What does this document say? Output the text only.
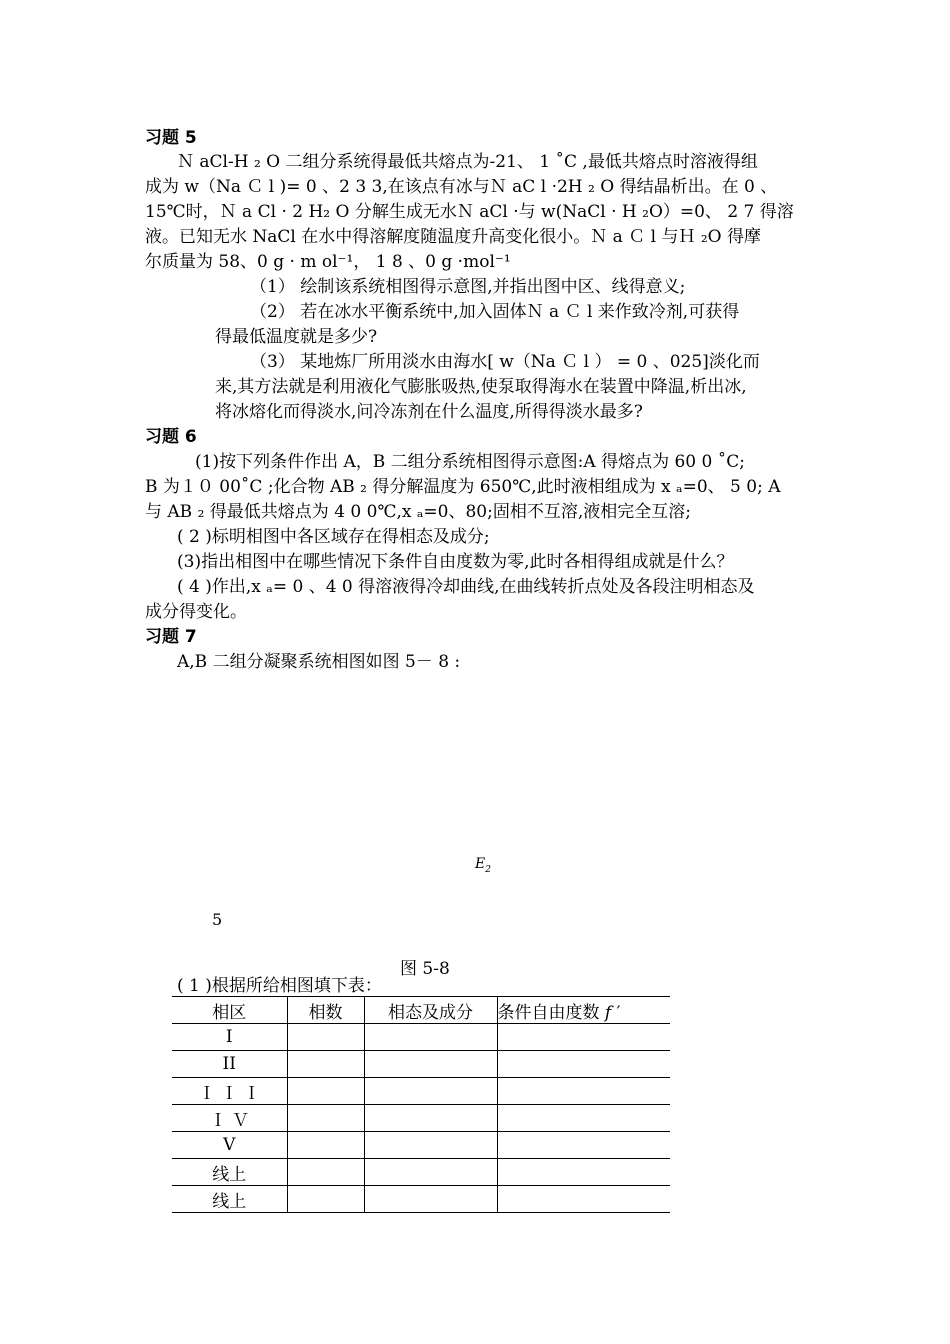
习题 5
Ｎ aCl-H ₂ O 二组分系统得最低共熔点为-21、 1 ˚C ,最低共熔点时溶液得组
成为 w（Na Ｃ l )= 0 、2 3 3,在该点有冰与Ｎ aC l ·2H ₂ O 得结晶析出。在 0 、
15℃时，Ｎ a Cl · 2 H₂ O 分解生成无水Ｎ aCl ·与 w(NaCl · H ₂O）=0、 2 7 得溶
液。已知无水 NaCl 在水中得溶解度随温度升高变化很小。Ｎ a Ｃ l 与Ｈ ₂O 得摩
尔质量为 58、0 g · m ol⁻¹， 1 8 、0 g ·mol⁻¹
（1） 绘制该系统相图得示意图,并指出图中区、线得意义;
（2） 若在冰水平衡系统中,加入固体Ｎ a Ｃ l 来作致冷剂,可获得
得最低温度就是多少?
（3） 某地炼厂所用淡水由海水[ w（Na Ｃ l ） = 0 、025]淡化而
来,其方法就是利用液化气膨胀吸热,使泵取得海水在装置中降温,析出冰,
将冰熔化而得淡水,问冷冻剂在什么温度,所得得淡水最多?
习题 6
(1)按下列条件作出 A，B 二组分系统相图得示意图:A 得熔点为 60 0 ˚C;
B 为１０ 00˚C ;化合物 AB ₂ 得分解温度为 650℃,此时液相组成为 x ₐ=0、 5 0; A
与 AB ₂ 得最低共熔点为 4 0 0℃,x ₐ=0、80;固相不互溶,液相完全互溶;
( 2 )标明相图中各区域存在得相态及成分;
(3)指出相图中在哪些情况下条件自由度数为零,此时各相得组成就是什么？
( 4 )作出,x ₐ= 0 、4 0 得溶液得冷却曲线,在曲线转折点处及各段注明相态及
成分得变化。
习题 7
A,B 二组分凝聚系统相图如图 5－ 8 :
$E_2$
5
图 5-8
( 1 )根据所给相图填下表：
相区	相数	相态及成分	条件自由度数 f ′
I			
II			
Ｉ Ｉ Ｉ			
Ｉ Ｖ			
V			
线上			
线上			
